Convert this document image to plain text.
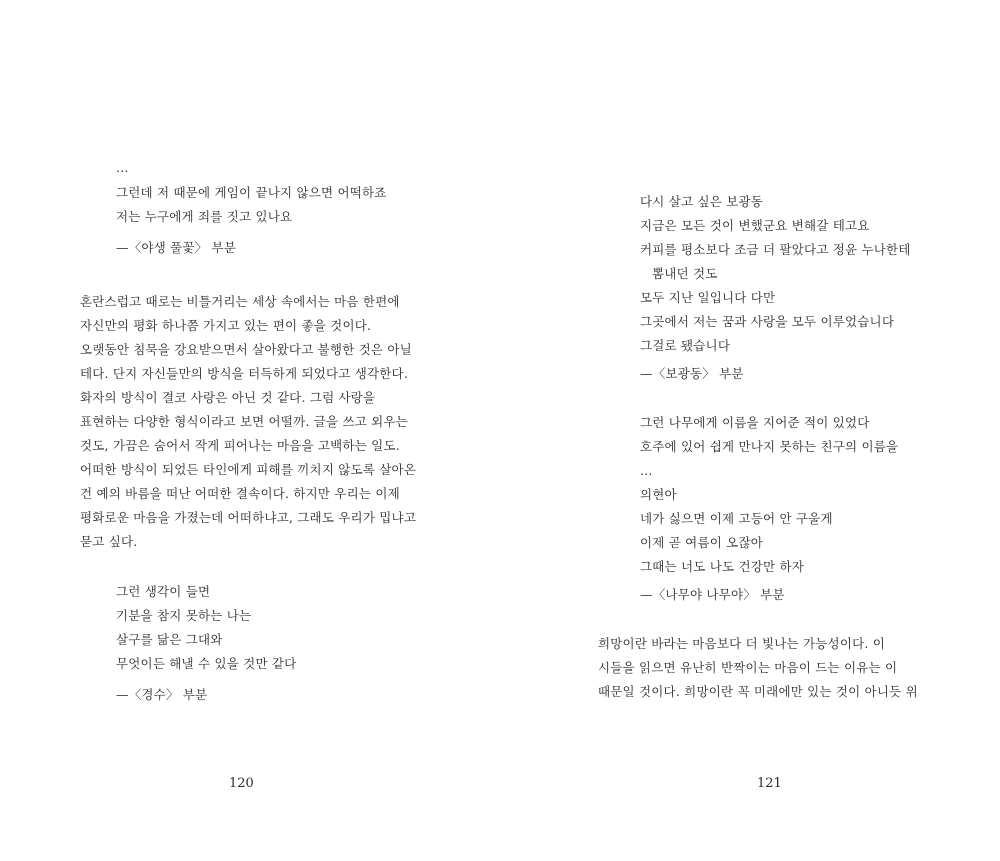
…
그런데 저 때문에 게임이 끝나지 않으면 어떡하죠
저는 누구에게 죄를 짓고 있나요
—〈야생 풀꽃〉 부분
혼란스럽고 때로는 비틀거리는 세상 속에서는 마음 한편에
자신만의 평화 하나쯤 가지고 있는 편이 좋을 것이다.
오랫동안 침묵을 강요받으면서 살아왔다고 불행한 것은 아닐
테다. 단지 자신들만의 방식을 터득하게 되었다고 생각한다.
화자의 방식이 결코 사랑은 아닌 것 같다. 그럼 사랑을
표현하는 다양한 형식이라고 보면 어떨까. 글을 쓰고 외우는
것도, 가끔은 숨어서 작게 피어나는 마음을 고백하는 일도.
어떠한 방식이 되었든 타인에게 피해를 끼치지 않도록 살아온
건 예의 바름을 떠난 어떠한 결속이다. 하지만 우리는 이제
평화로운 마음을 가졌는데 어떠하냐고, 그래도 우리가 밉냐고
묻고 싶다.
그런 생각이 들면
기분을 참지 못하는 나는
살구를 닮은 그대와
무엇이든 해낼 수 있을 것만 같다
—〈경수〉 부분
120
다시 살고 싶은 보광동
지금은 모든 것이 변했군요 변해갈 테고요
커피를 평소보다 조금 더 팔았다고 정윤 누나한테
뽐내던 것도
모두 지난 일입니다 다만
그곳에서 저는 꿈과 사랑을 모두 이루었습니다
그걸로 됐습니다
—〈보광동〉 부분
그런 나무에게 이름을 지어준 적이 있었다
호주에 있어 쉽게 만나지 못하는 친구의 이름을
…
의현아
네가 싫으면 이제 고등어 안 구울게
이제 곧 여름이 오잖아
그때는 너도 나도 건강만 하자
—〈나무야 나무야〉 부분
희망이란 바라는 마음보다 더 빛나는 가능성이다. 이
시들을 읽으면 유난히 반짝이는 마음이 드는 이유는 이
때문일 것이다. 희망이란 꼭 미래에만 있는 것이 아니듯 위
121
